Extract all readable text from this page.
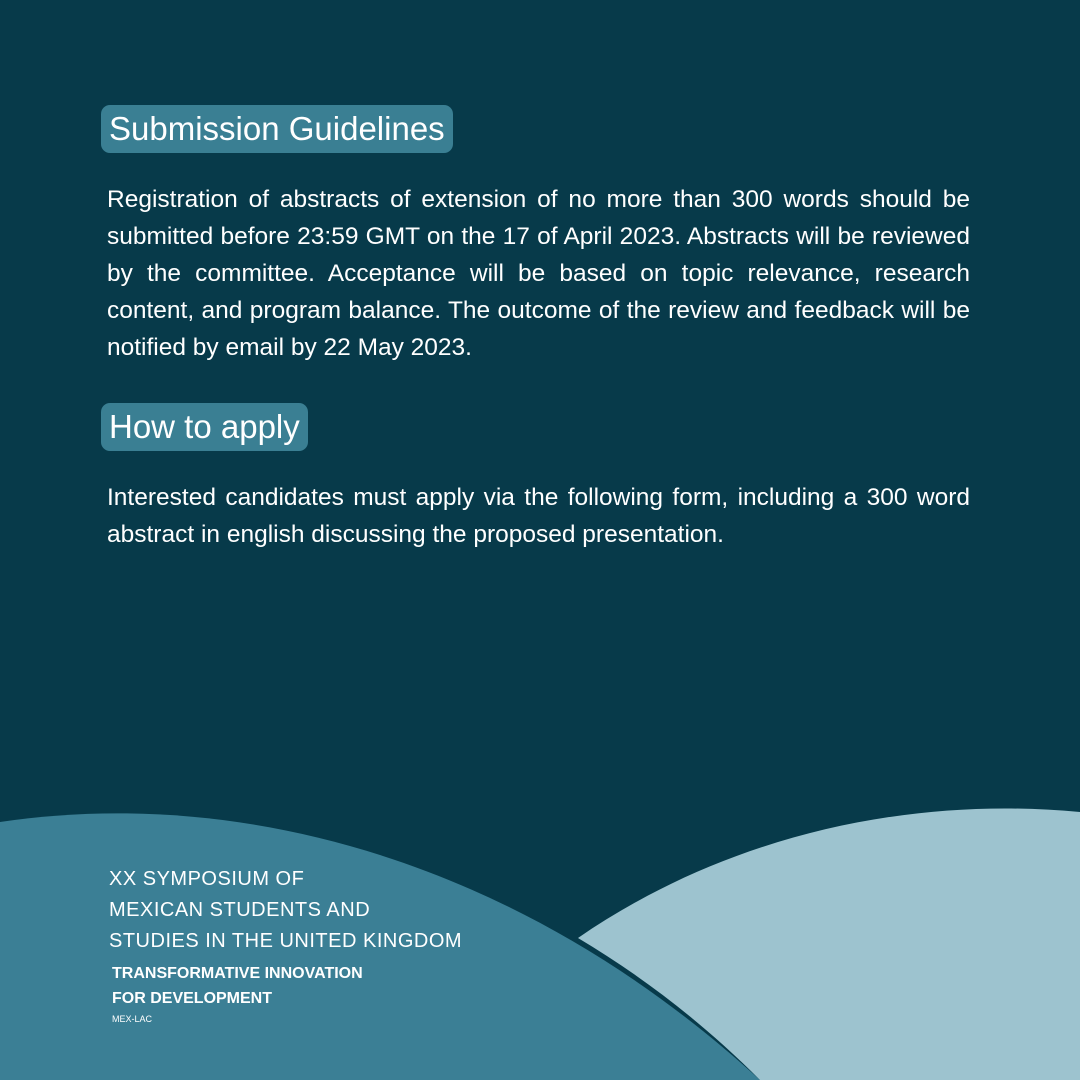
Submission Guidelines

Registration of abstracts of extension of no more than 300 words should be submitted before 23:59 GMT on the 17 of April 2023. Abstracts will be reviewed by the committee. Acceptance will be based on topic relevance, research content, and program balance. The outcome of the review and feedback will be notified by email by 22 May 2023.

How to apply

Interested candidates must apply via the following form, including a 300 word abstract in english discussing the proposed presentation.

XX SYMPOSIUM OF
MEXICAN STUDENTS AND
STUDIES IN THE UNITED KINGDOM
TRANSFORMATIVE INNOVATION
FOR DEVELOPMENT
MEX-LAC
